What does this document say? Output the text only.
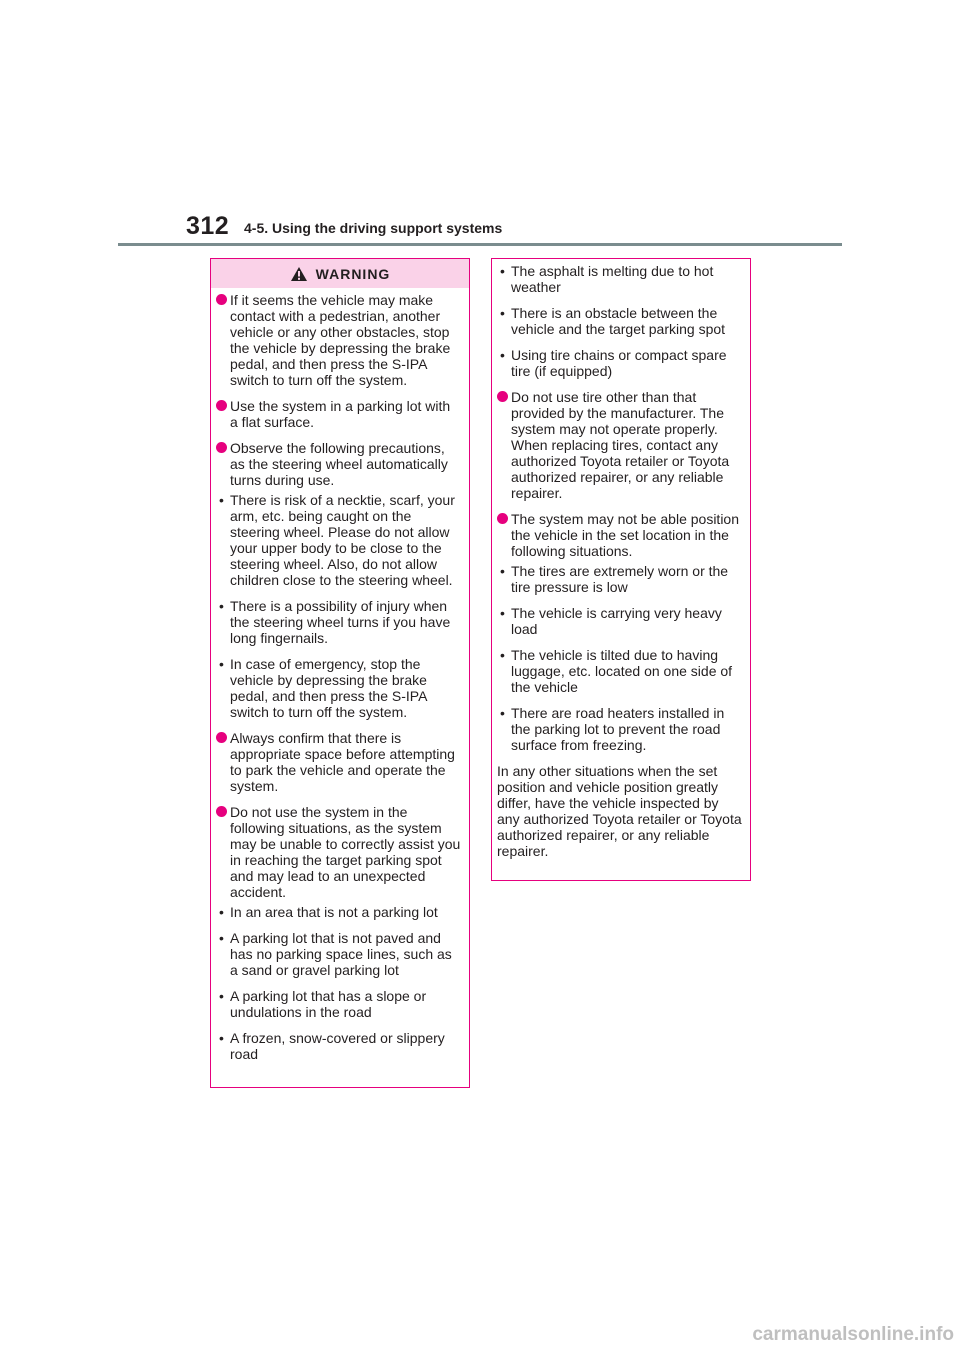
312 4-5. Using the driving support systems
WARNING
If it seems the vehicle may make contact with a pedestrian, another vehicle or any other obstacles, stop the vehicle by depressing the brake pedal, and then press the S-IPA switch to turn off the system.
Use the system in a parking lot with a flat surface.
Observe the following precautions, as the steering wheel automatically turns during use.
• There is risk of a necktie, scarf, your arm, etc. being caught on the steering wheel. Please do not allow your upper body to be close to the steering wheel. Also, do not allow children close to the steering wheel.
• There is a possibility of injury when the steering wheel turns if you have long fingernails.
• In case of emergency, stop the vehicle by depressing the brake pedal, and then press the S-IPA switch to turn off the system.
Always confirm that there is appropriate space before attempting to park the vehicle and operate the system.
Do not use the system in the following situations, as the system may be unable to correctly assist you in reaching the target parking spot and may lead to an unexpected accident.
• In an area that is not a parking lot
• A parking lot that is not paved and has no parking space lines, such as a sand or gravel parking lot
• A parking lot that has a slope or undulations in the road
• A frozen, snow-covered or slippery road
• The asphalt is melting due to hot weather
• There is an obstacle between the vehicle and the target parking spot
• Using tire chains or compact spare tire (if equipped)
Do not use tire other than that provided by the manufacturer. The system may not operate properly. When replacing tires, contact any authorized Toyota retailer or Toyota authorized repairer, or any reliable repairer.
The system may not be able position the vehicle in the set location in the following situations.
• The tires are extremely worn or the tire pressure is low
• The vehicle is carrying very heavy load
• The vehicle is tilted due to having luggage, etc. located on one side of the vehicle
• There are road heaters installed in the parking lot to prevent the road surface from freezing.
In any other situations when the set position and vehicle position greatly differ, have the vehicle inspected by any authorized Toyota retailer or Toyota authorized repairer, or any reliable repairer.
carmanualsonline.info
